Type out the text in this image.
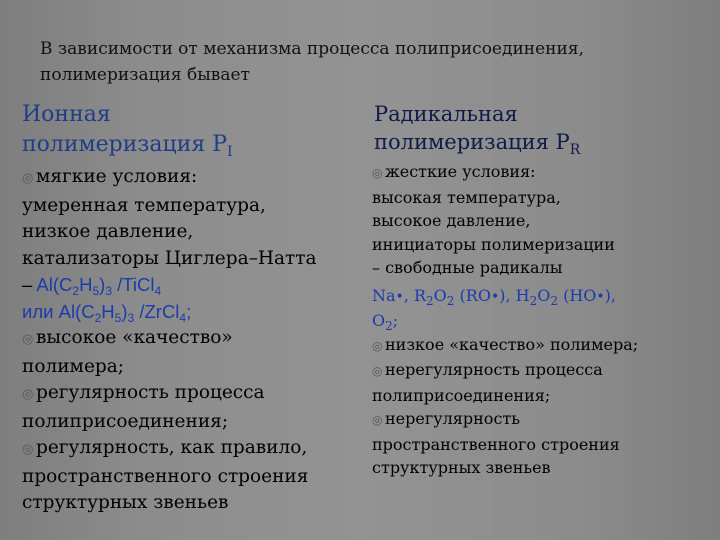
В зависимости от механизма процесса полиприсоединения,
полимеризация бывает
Ионная
полимеризация $P_I$
◎ мягкие условия:
умеренная температура,
низкое давление,
катализаторы Циглера–Натта
– $Al(C_2H_5)_3$ /TiCl$_4$
или $Al(C_2H_5)_3$ /ZrCl$_4$;
◎ высокое «качество»
полимера;
◎ регулярность процесса
полиприсоединения;
◎ регулярность, как правило,
пространственного строения
структурных звеньев
Радикальная
полимеризация $P_R$
◎ жесткие условия:
высокая температура,
высокое давление,
инициаторы полимеризации
– свободные радикалы
Na•, $R_2O_2$ (RO•), $H_2O_2$ (HO•),
$O_2$;
◎ низкое «качество» полимера;
◎ нерегулярность процесса
полиприсоединения;
◎ нерегулярность
пространственного строения
структурных звеньев
